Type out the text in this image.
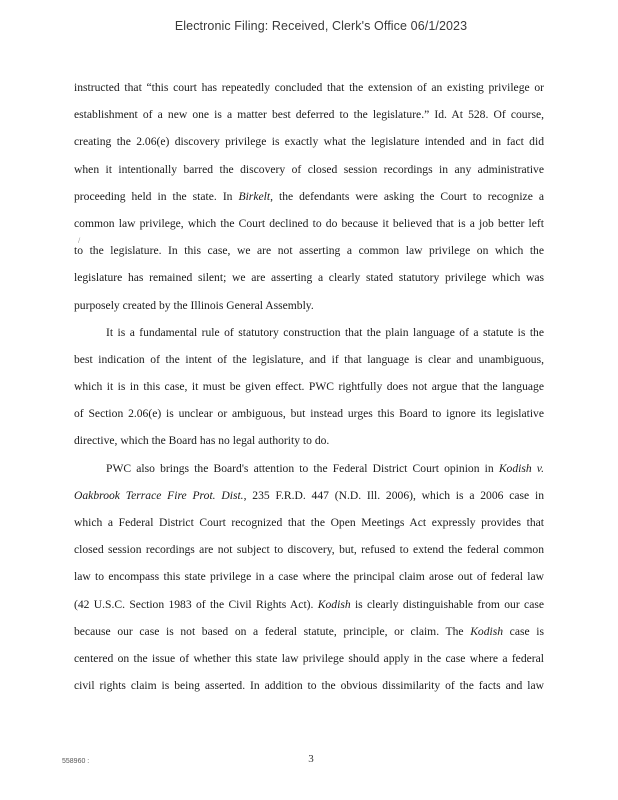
Electronic Filing: Received, Clerk's Office 06/1/2023
/
instructed that “this court has repeatedly concluded that the extension of an existing privilege or
establishment of a new one is a matter best deferred to the legislature.” Id. At 528. Of course,
creating the 2.06(e) discovery privilege is exactly what the legislature intended and in fact did
when it intentionally barred the discovery of closed session recordings in any administrative
proceeding held in the state. In Birkelt, the defendants were asking the Court to recognize a
common law privilege, which the Court declined to do because it believed that is a job better left
to the legislature. In this case, we are not asserting a common law privilege on which the
legislature has remained silent; we are asserting a clearly stated statutory privilege which was
purposely created by the Illinois General Assembly.
It is a fundamental rule of statutory construction that the plain language of a statute is the
best indication of the intent of the legislature, and if that language is clear and unambiguous,
which it is in this case, it must be given effect. PWC rightfully does not argue that the language
of Section 2.06(e) is unclear or ambiguous, but instead urges this Board to ignore its legislative
directive, which the Board has no legal authority to do.
PWC also brings the Board's attention to the Federal District Court opinion in Kodish v.
Oakbrook Terrace Fire Prot. Dist., 235 F.R.D. 447 (N.D. Ill. 2006), which is a 2006 case in
which a Federal District Court recognized that the Open Meetings Act expressly provides that
closed session recordings are not subject to discovery, but, refused to extend the federal common
law to encompass this state privilege in a case where the principal claim arose out of federal law
(42 U.S.C. Section 1983 of the Civil Rights Act). Kodish is clearly distinguishable from our case
because our case is not based on a federal statute, principle, or claim. The Kodish case is
centered on the issue of whether this state law privilege should apply in the case where a federal
civil rights claim is being asserted. In addition to the obvious dissimilarity of the facts and law
558960 :	3
